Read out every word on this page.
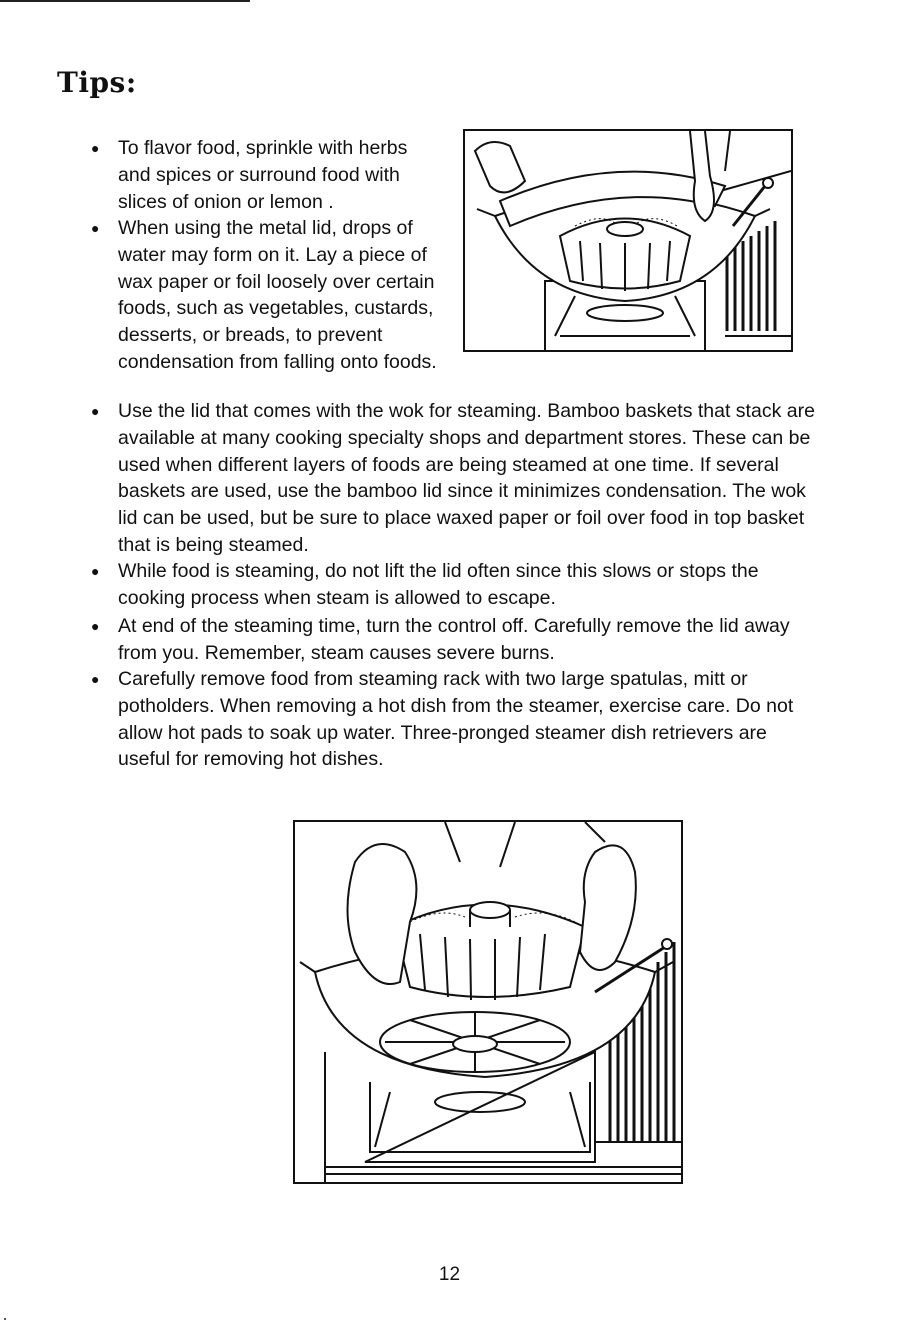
Tips:
● To flavor food, sprinkle with herbs and spices or surround food with slices of onion or lemon .
● When using the metal lid, drops of water may form on it. Lay a piece of wax paper or foil loosely over certain foods, such as vegetables, custards, desserts, or breads, to prevent condensation from falling onto foods.
● Use the lid that comes with the wok for steaming. Bamboo baskets that stack are available at many cooking specialty shops and department stores. These can be used when different layers of foods are being steamed at one time. If several baskets are used, use the bamboo lid since it minimizes condensation. The wok lid can be used, but be sure to place waxed paper or foil over food in top basket that is being steamed.
● While food is steaming, do not lift the lid often since this slows or stops the cooking process when steam is allowed to escape.
● At end of the steaming time, turn the control off. Carefully remove the lid away from you. Remember, steam causes severe burns.
● Carefully remove food from steaming rack with two large spatulas, mitt or potholders. When removing a hot dish from the steamer, exercise care. Do not allow hot pads to soak up water. Three-pronged steamer dish retrievers are useful for removing hot dishes.
12
